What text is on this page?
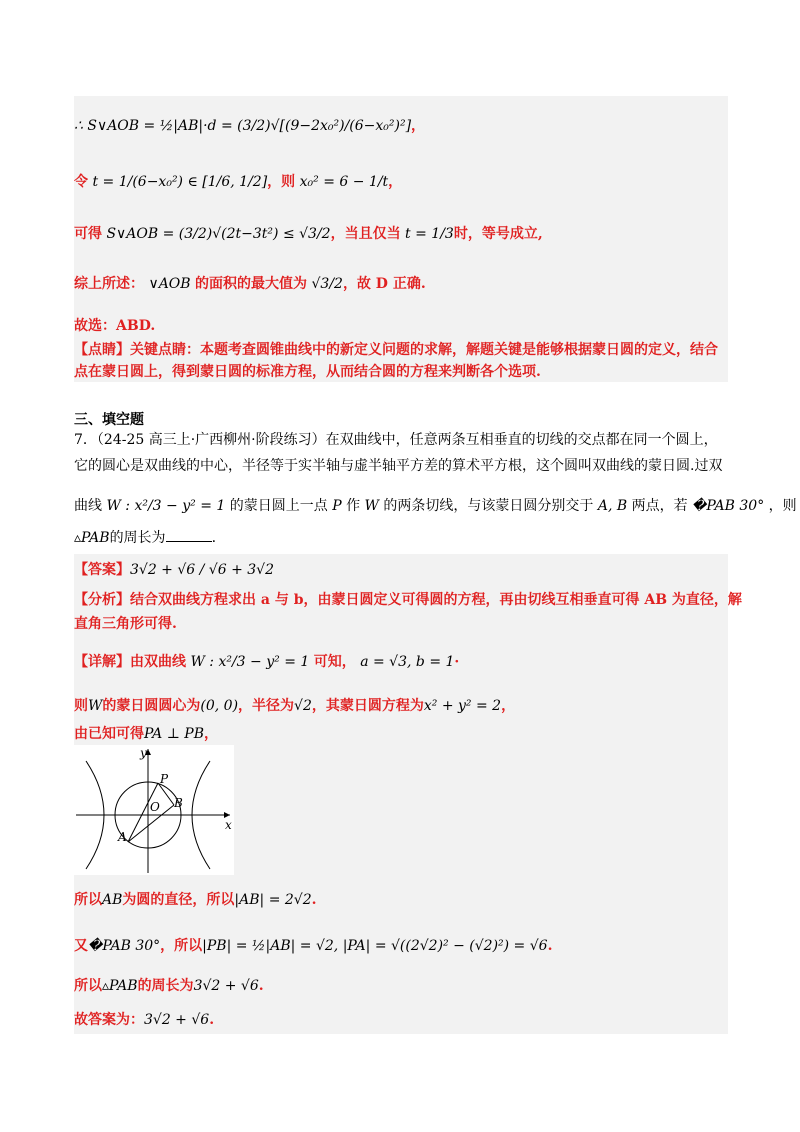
∴ S∨AOB = ½|AB|·d = (3/2)√[(9−2x₀²)/(6−x₀²)²]，
令 t = 1/(6−x₀²) ∈ [1/6, 1/2]，则 x₀² = 6 − 1/t，
可得 S∨AOB = (3/2)√(2t−3t²) ≤ √3/2，当且仅当 t = 1/3时，等号成立,
综上所述： ∨AOB 的面积的最大值为 √3/2，故 D 正确.
故选：ABD.
【点睛】关键点睛：本题考查圆锥曲线中的新定义问题的求解，解题关键是能够根据蒙日圆的定义，结合
点在蒙日圆上，得到蒙日圆的标准方程，从而结合圆的方程来判断各个选项.
三、填空题
7．（24-25 高三上·广西柳州·阶段练习）在双曲线中，任意两条互相垂直的切线的交点都在同一个圆上，
它的圆心是双曲线的中心，半径等于实半轴与虚半轴平方差的算术平方根，这个圆叫双曲线的蒙日圆.过双
曲线 W : x²/3 − y² = 1 的蒙日圆上一点 P 作 W 的两条切线，与该蒙日圆分别交于 A, B 两点，若 �PAB 30° ，则
▵PAB的周长为	.
【答案】3√2 + √6 / √6 + 3√2
【分析】结合双曲线方程求出 a 与 b，由蒙日圆定义可得圆的方程，再由切线互相垂直可得 AB 为直径，解
直角三角形可得.
【详解】由双曲线 W : x²/3 − y² = 1 可知， a = √3, b = 1·
则W的蒙日圆圆心为(0, 0)，半径为√2，其蒙日圆方程为x² + y² = 2，
由已知可得PA ⊥ PB，
y
x
P
O B
A
所以AB为圆的直径，所以|AB| = 2√2.
又�PAB 30°，所以|PB| = ½|AB| = √2, |PA| = √((2√2)² − (√2)²) = √6.
所以▵PAB的周长为3√2 + √6.
故答案为：3√2 + √6.
